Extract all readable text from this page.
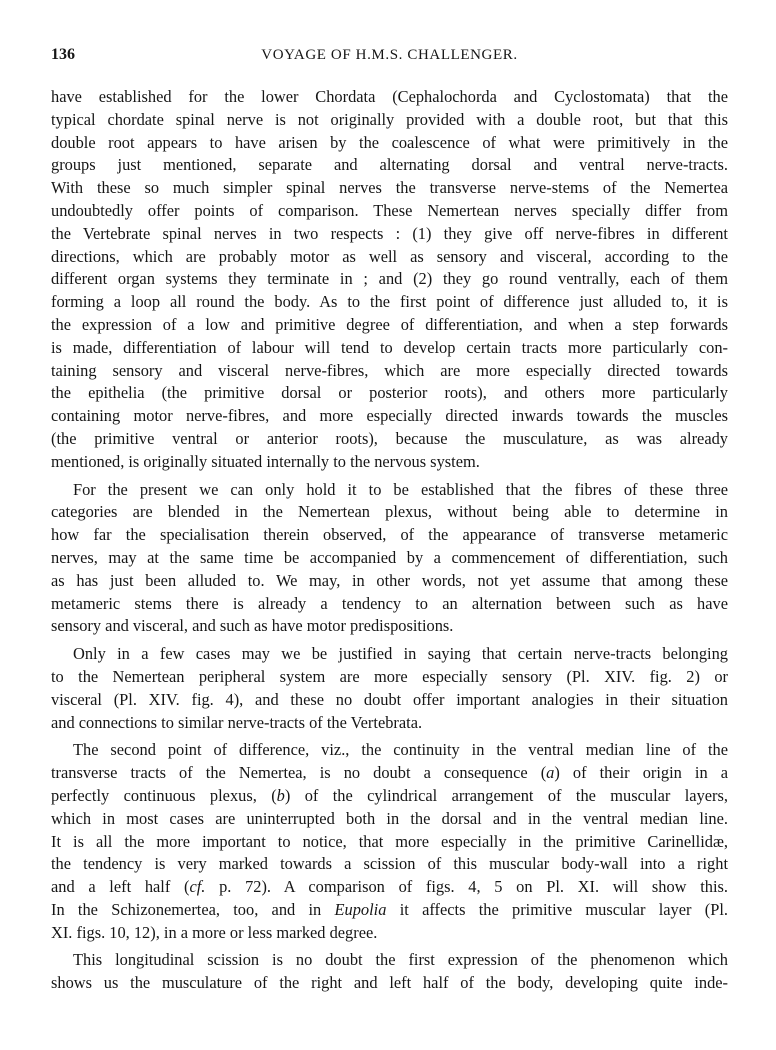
136	VOYAGE OF H.M.S. CHALLENGER.
have established for the lower Chordata (Cephalochorda and Cyclostomata) that the
typical chordate spinal nerve is not originally provided with a double root, but that this
double root appears to have arisen by the coalescence of what were primitively in the
groups just mentioned, separate and alternating dorsal and ventral nerve-tracts.
With these so much simpler spinal nerves the transverse nerve-stems of the Nemertea
undoubtedly offer points of comparison. These Nemertean nerves specially differ from
the Vertebrate spinal nerves in two respects : (1) they give off nerve-fibres in different
directions, which are probably motor as well as sensory and visceral, according to the
different organ systems they terminate in ; and (2) they go round ventrally, each of them
forming a loop all round the body. As to the first point of difference just alluded to, it is
the expression of a low and primitive degree of differentiation, and when a step forwards
is made, differentiation of labour will tend to develop certain tracts more particularly con-
taining sensory and visceral nerve-fibres, which are more especially directed towards
the epithelia (the primitive dorsal or posterior roots), and others more particularly
containing motor nerve-fibres, and more especially directed inwards towards the muscles
(the primitive ventral or anterior roots), because the musculature, as was already
mentioned, is originally situated internally to the nervous system.
For the present we can only hold it to be established that the fibres of these three
categories are blended in the Nemertean plexus, without being able to determine in
how far the specialisation therein observed, of the appearance of transverse metameric
nerves, may at the same time be accompanied by a commencement of differentiation, such
as has just been alluded to. We may, in other words, not yet assume that among these
metameric stems there is already a tendency to an alternation between such as have
sensory and visceral, and such as have motor predispositions.
Only in a few cases may we be justified in saying that certain nerve-tracts belonging
to the Nemertean peripheral system are more especially sensory (Pl. XIV. fig. 2) or
visceral (Pl. XIV. fig. 4), and these no doubt offer important analogies in their situation
and connections to similar nerve-tracts of the Vertebrata.
The second point of difference, viz., the continuity in the ventral median line of the
transverse tracts of the Nemertea, is no doubt a consequence (a) of their origin in a
perfectly continuous plexus, (b) of the cylindrical arrangement of the muscular layers,
which in most cases are uninterrupted both in the dorsal and in the ventral median line.
It is all the more important to notice, that more especially in the primitive Carinellidæ,
the tendency is very marked towards a scission of this muscular body-wall into a right
and a left half (cf. p. 72). A comparison of figs. 4, 5 on Pl. XI. will show this.
In the Schizonemertea, too, and in Eupolia it affects the primitive muscular layer (Pl.
XI. figs. 10, 12), in a more or less marked degree.
This longitudinal scission is no doubt the first expression of the phenomenon which
shows us the musculature of the right and left half of the body, developing quite inde-
